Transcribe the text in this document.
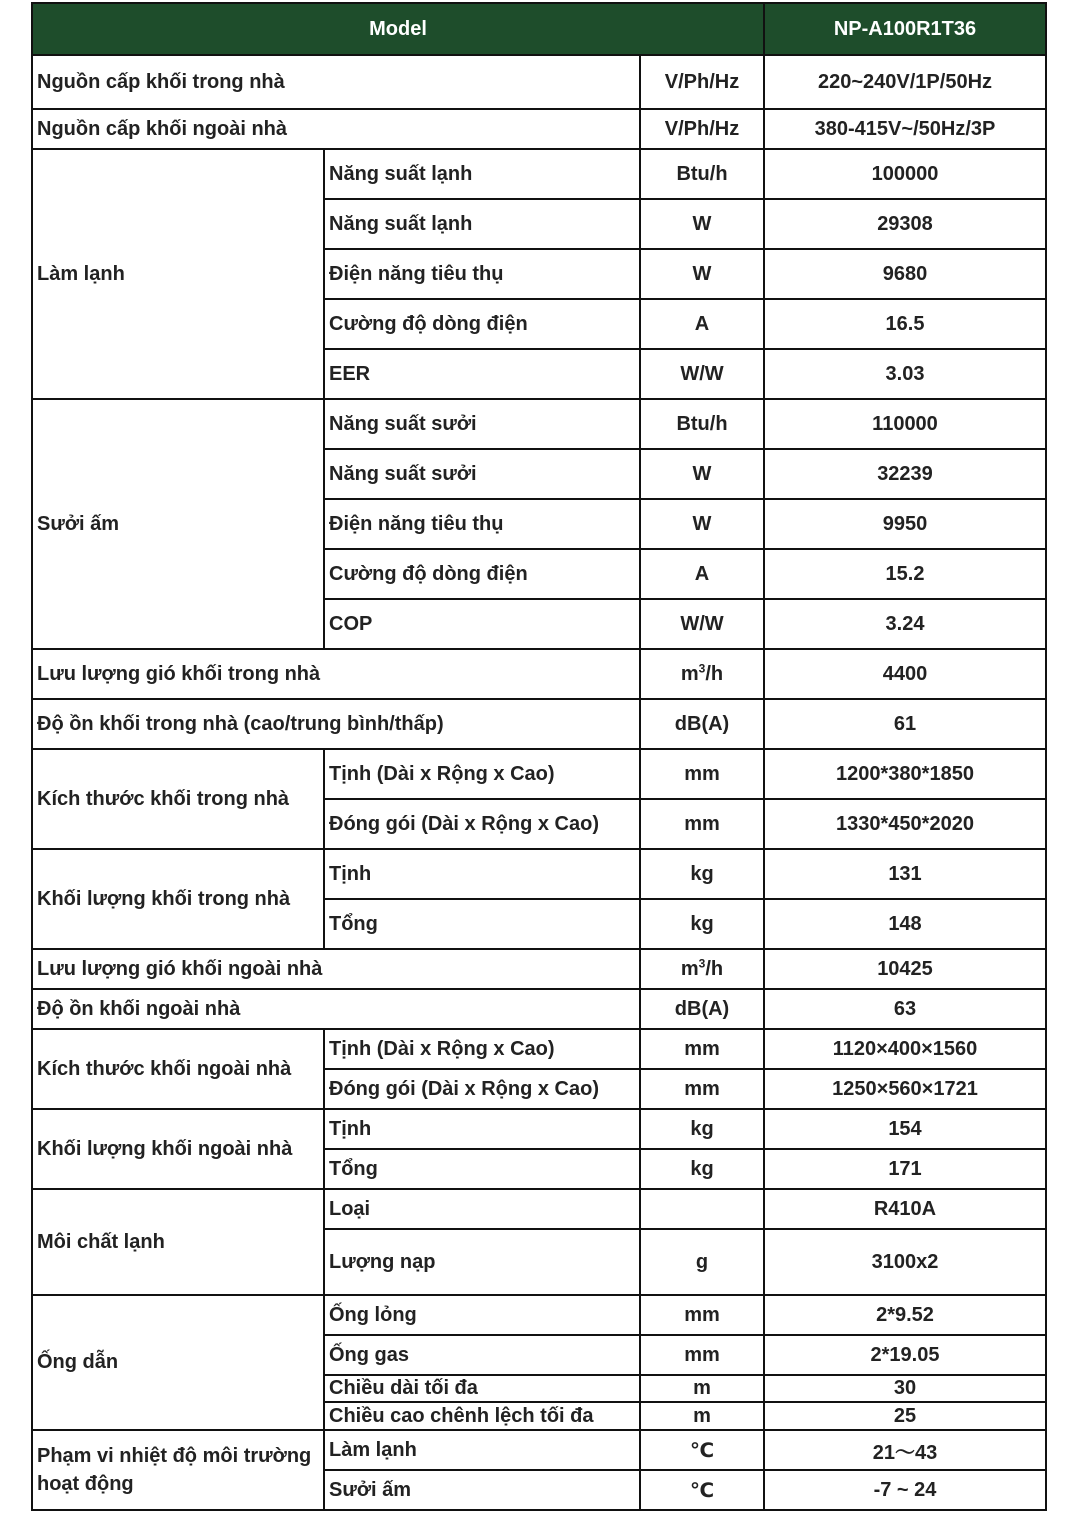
Model			NP-A100R1T36
Nguồn cấp khối trong nhà		V/Ph/Hz	220~240V/1P/50Hz
Nguồn cấp khối ngoài nhà		V/Ph/Hz	380-415V~/50Hz/3P
Làm lạnh	Năng suất lạnh	Btu/h	100000
	Năng suất lạnh	W	29308
	Điện năng tiêu thụ	W	9680
	Cường độ dòng điện	A	16.5
	EER	W/W	3.03
Sưởi ấm	Năng suất sưởi	Btu/h	110000
	Năng suất sưởi	W	32239
	Điện năng tiêu thụ	W	9950
	Cường độ dòng điện	A	15.2
	COP	W/W	3.24
Lưu lượng gió khối trong nhà		$m^3/h$	4400
Độ ồn khối trong nhà (cao/trung bình/thấp)		dB(A)	61
Kích thước khối trong nhà	Tịnh (Dài x Rộng x Cao)	mm	1200*380*1850
	Đóng gói (Dài x Rộng x Cao)	mm	1330*450*2020
Khối lượng khối trong nhà	Tịnh	kg	131
	Tổng	kg	148
Lưu lượng gió khối ngoài nhà		$m^3/h$	10425
Độ ồn khối ngoài nhà		dB(A)	63
Kích thước khối ngoài nhà	Tịnh (Dài x Rộng x Cao)	mm	1120×400×1560
	Đóng gói (Dài x Rộng x Cao)	mm	1250×560×1721
Khối lượng khối ngoài nhà	Tịnh	kg	154
	Tổng	kg	171
Môi chất lạnh	Loại		R410A
	Lượng nạp	g	3100x2
Ống dẫn	Ống lỏng	mm	2*9.52
	Ống gas	mm	2*19.05
	Chiều dài tối đa	m	30
	Chiều cao chênh lệch tối đa	m	25
Phạm vi nhiệt độ môi trường hoạt động	Làm lạnh	℃	21～43
	Sưởi ấm	℃	-7 ~ 24
